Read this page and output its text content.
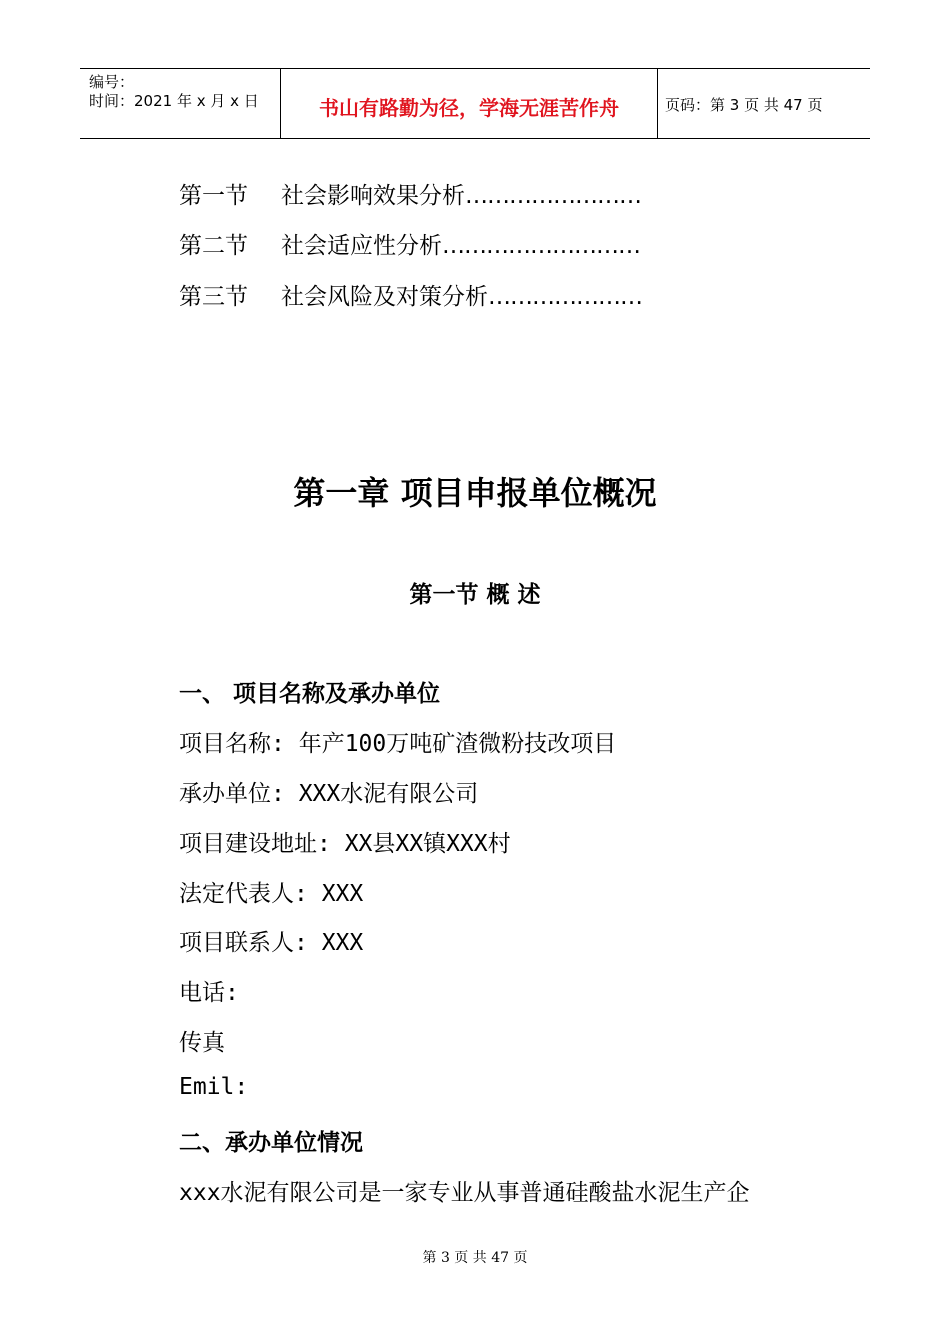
编号：
时间：2021 年 x 月 x 日	书山有路勤为径，学海无涯苦作舟	页码：第 3 页 共 47 页
第一节 社会影响效果分析……………………
第二节 社会适应性分析………………………
第三节 社会风险及对策分析…………………
第一章 项目申报单位概况
第一节 概 述
一、 项目名称及承办单位
项目名称: 年产100万吨矿渣微粉技改项目
承办单位: XXX水泥有限公司
项目建设地址: XX县XX镇XXX村
法定代表人: XXX
项目联系人: XXX
电话:
传真
Emil:
二、承办单位情况
xxx水泥有限公司是一家专业从事普通硅酸盐水泥生产企
第 3 页 共 47 页
